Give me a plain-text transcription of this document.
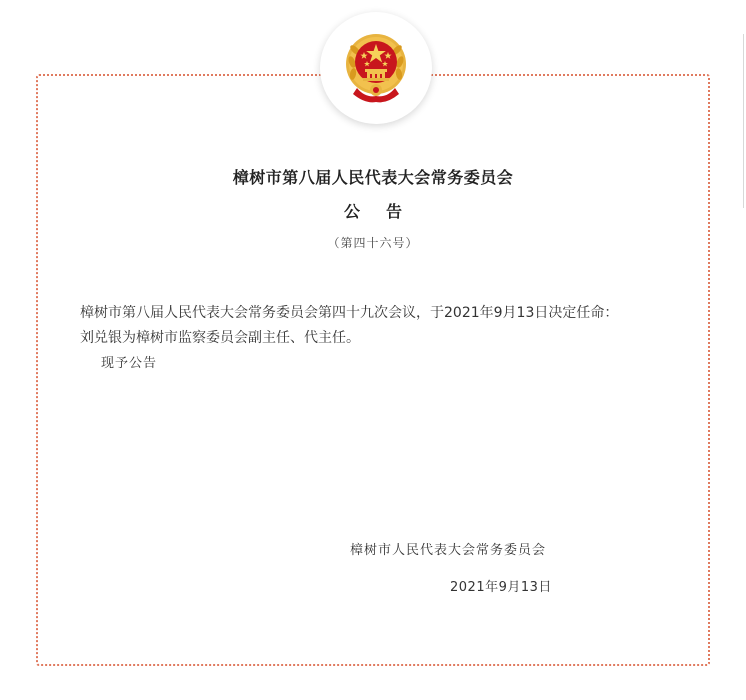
樟树市第八届人民代表大会常务委员会
公告
（第四十六号）

樟树市第八届人民代表大会常务委员会第四十九次会议，于2021年9月13日决定任命：

刘兑银为樟树市监察委员会副主任、代主任。

现予公告
樟树市人民代表大会常务委员会
2021年9月13日
